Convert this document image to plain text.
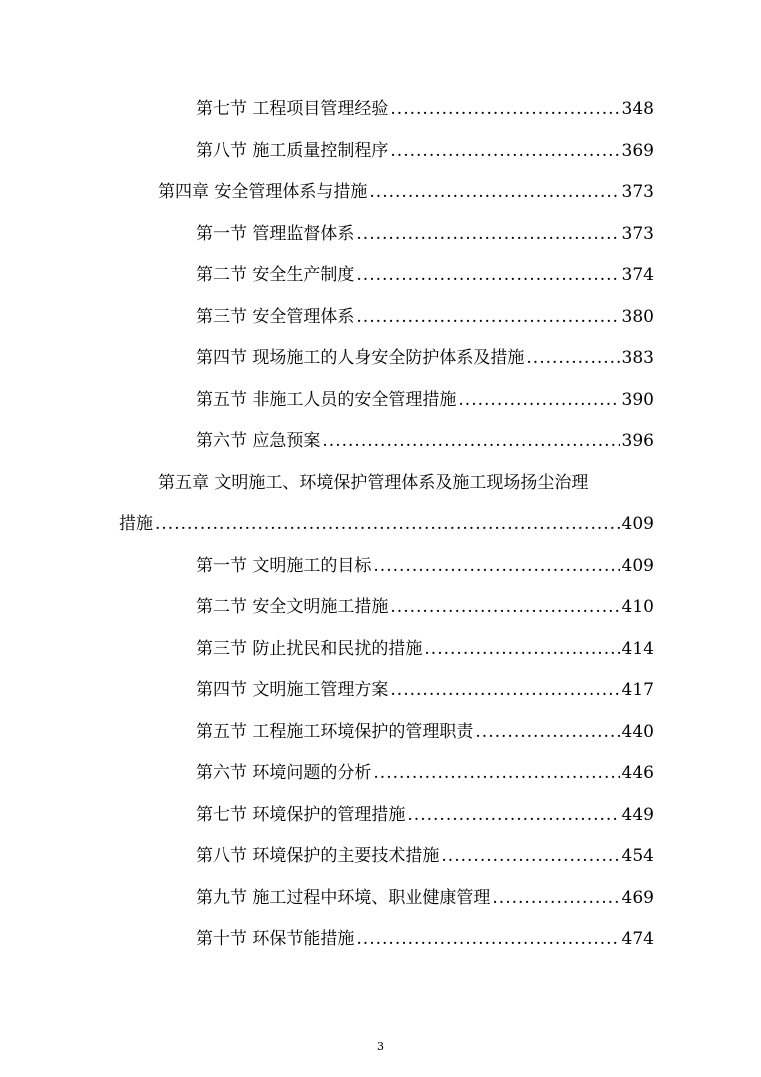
第七节 工程项目管理经验 .....	348
第八节 施工质量控制程序 .....	369
第四章 安全管理体系与措施 .....	373
第一节 管理监督体系 .....	373
第二节 安全生产制度 .....	374
第三节 安全管理体系 .....	380
第四节 现场施工的人身安全防护体系及措施 .....	383
第五节 非施工人员的安全管理措施 .....	390
第六节 应急预案 .....	396
第五章 文明施工、环境保护管理体系及施工现场扬尘治理
措施 .....	409
第一节 文明施工的目标 .....	409
第二节 安全文明施工措施 .....	410
第三节 防止扰民和民扰的措施 .....	414
第四节 文明施工管理方案 .....	417
第五节 工程施工环境保护的管理职责 .....	440
第六节 环境问题的分析 .....	446
第七节 环境保护的管理措施 .....	449
第八节 环境保护的主要技术措施 .....	454
第九节 施工过程中环境、职业健康管理 .....	469
第十节 环保节能措施 .....	474
3
